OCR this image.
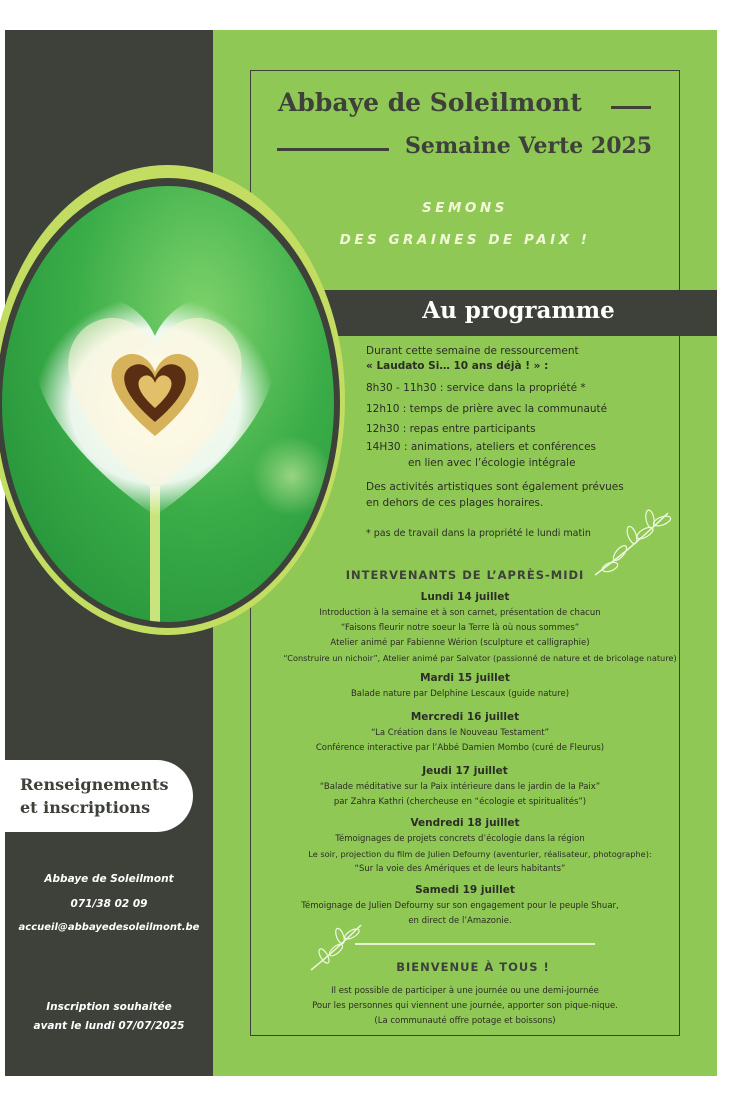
Abbaye de Soleilmont
Semaine Verte 2025
SEMONS
DES GRAINES DE PAIX !
Au programme
Durant cette semaine de ressourcement
« Laudato Si… 10 ans déjà ! » :
8h30 - 11h30 : service dans la propriété *
12h10 : temps de prière avec la communauté
12h30 : repas entre participants
14H30 : animations, ateliers et conférences
en lien avec l’écologie intégrale
Des activités artistiques sont également prévues
en dehors de ces plages horaires.
* pas de travail dans la propriété le lundi matin
INTERVENANTS DE L’APRÈS-MIDI
Lundi 14 juillet
Introduction à la semaine et à son carnet, présentation de chacun
“Faisons fleurir notre soeur la Terre là où nous sommes”
Atelier animé par Fabienne Wérion (sculpture et calligraphie)
“Construire un nichoir”, Atelier animé par Salvator (passionné de nature et de bricolage nature)
Mardi 15 juillet
Balade nature par Delphine Lescaux (guide nature)
Mercredi 16 juillet
“La Création dans le Nouveau Testament”
Conférence interactive par l’Abbé Damien Mombo (curé de Fleurus)
Jeudi 17 juillet
“Balade méditative sur la Paix intérieure dans le jardin de la Paix”
par Zahra Kathri (chercheuse en “écologie et spiritualités”)
Vendredi 18 juillet
Témoignages de projets concrets d’écologie dans la région
Le soir, projection du film de Julien Defourny (aventurier, réalisateur, photographe):
“Sur la voie des Amériques et de leurs habitants”
Samedi 19 juillet
Témoignage de Julien Defourny sur son engagement pour le peuple Shuar,
en direct de l’Amazonie.
BIENVENUE À TOUS !
Il est possible de participer à une journée ou une demi-journée
Pour les personnes qui viennent une journée, apporter son pique-nique.
(La communauté offre potage et boissons)
Renseignements
et inscriptions
Abbaye de Soleilmont
071/38 02 09
accueil@abbayedesoleilmont.be
Inscription souhaitée
avant le lundi 07/07/2025
